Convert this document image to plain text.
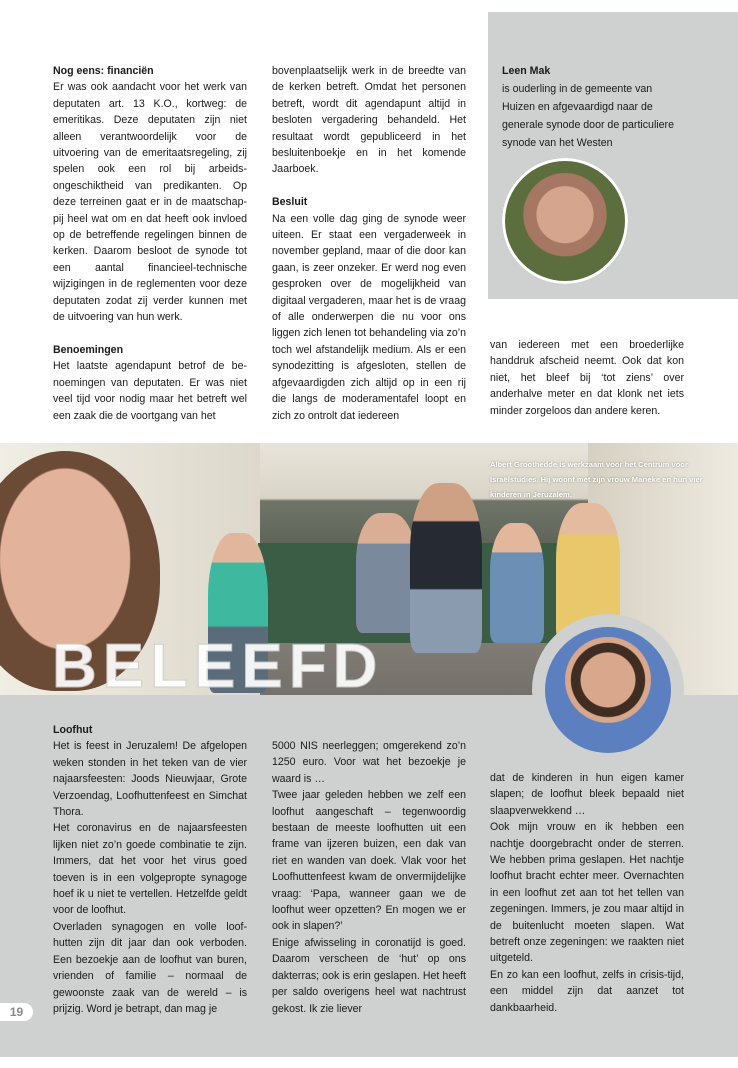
Nog eens: financiën

Er was ook aandacht voor het werk van deputaten art. 13 K.O., kortweg: de emeritikas. Deze deputaten zijn niet alleen verantwoordelijk voor de uitvoering van de emeritaatsregeling, zij spelen ook een rol bij arbeids-ongeschiktheid van predikanten. Op deze terreinen gaat er in de maatschap-pij heel wat om en dat heeft ook invloed op de betreffende regelingen binnen de kerken. Daarom besloot de synode tot een aantal financieel-technische wijzigingen in de reglementen voor deze deputaten zodat zij verder kunnen met de uitvoering van hun werk.

Benoemingen

Het laatste agendapunt betrof de be-noemingen van deputaten. Er was niet veel tijd voor nodig maar het betreft wel een zaak die de voortgang van het

bovenplaatselijk werk in de breedte van de kerken betreft. Omdat het personen betreft, wordt dit agendapunt altijd in besloten vergadering behandeld. Het resultaat wordt gepubliceerd in het besluitenboekje en in het komende Jaarboek.

Besluit

Na een volle dag ging de synode weer uiteen. Er staat een vergaderweek in november gepland, maar of die door kan gaan, is zeer onzeker. Er werd nog even gesproken over de mogelijkheid van digitaal vergaderen, maar het is de vraag of alle onderwerpen die nu voor ons liggen zich lenen tot behandeling via zo’n toch wel afstandelijk medium. Als er een synodezitting is afgesloten, stellen de afgevaardigden zich altijd op in een rij die langs de moderamentafel loopt en zich zo ontrolt dat iedereen

Leen Mak
is ouderling in de gemeente van Huizen en afgevaardigd naar de generale synode door de particuliere synode van het Westen

van iedereen met een broederlijke handdruk afscheid neemt. Ook dat kon niet, het bleef bij ‘tot ziens’ over anderhalve meter en dat klonk net iets minder zorgeloos dan andere keren.

Albert Groothedde is werkzaam voor het Centrum voor Israëlstudies. Hij woont met zijn vrouw Marieke en hun vier kinderen in Jeruzalem.
BELEEFD

Loofhut

Het is feest in Jeruzalem! De afgelopen weken stonden in het teken van de vier najaarsfeesten: Joods Nieuwjaar, Grote Verzoendag, Loofhuttenfeest en Simchat Thora.

Het coronavirus en de najaarsfeesten lijken niet zo’n goede combinatie te zijn. Immers, dat het voor het virus goed toeven is in een volgepropte synagoge hoef ik u niet te vertellen. Hetzelfde geldt voor de loofhut.

Overladen synagogen en volle loof-hutten zijn dit jaar dan ook verboden. Een bezoekje aan de loofhut van buren, vrienden of familie – normaal de gewoonste zaak van de wereld – is prijzig. Word je betrapt, dan mag je

5000 NIS neerleggen; omgerekend zo’n 1250 euro. Voor wat het bezoekje je waard is …

Twee jaar geleden hebben we zelf een loofhut aangeschaft – tegenwoordig bestaan de meeste loofhutten uit een frame van ijzeren buizen, een dak van riet en wanden van doek. Vlak voor het Loofhuttenfeest kwam de onvermijdelijke vraag: ‘Papa, wanneer gaan we de loofhut weer opzetten? En mogen we er ook in slapen?’

Enige afwisseling in coronatijd is goed. Daarom verscheen de ‘hut’ op ons dakterras; ook is erin geslapen. Het heeft per saldo overigens heel wat nachtrust gekost. Ik zie liever

dat de kinderen in hun eigen kamer slapen; de loofhut bleek bepaald niet slaapverwekkend …

Ook mijn vrouw en ik hebben een nachtje doorgebracht onder de sterren. We hebben prima geslapen. Het nachtje loofhut bracht echter meer. Overnachten in een loofhut zet aan tot het tellen van zegeningen. Immers, je zou maar altijd in de buitenlucht moeten slapen. Wat betreft onze zegeningen: we raakten niet uitgeteld.

En zo kan een loofhut, zelfs in crisis-tijd, een middel zijn dat aanzet tot dankbaarheid.

19
